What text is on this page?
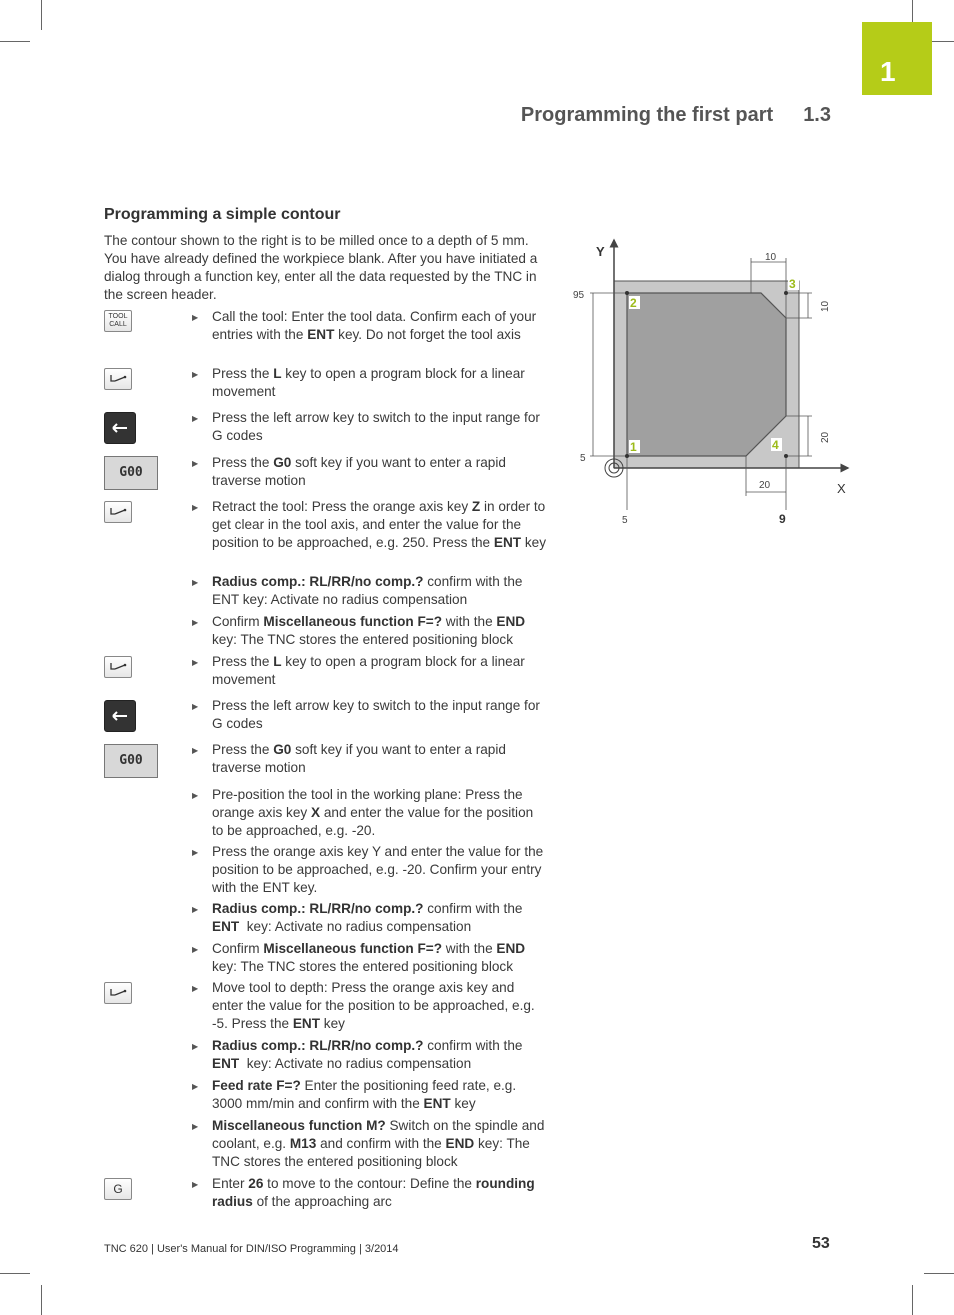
1
Programming the first part 1.3
Programming a simple contour

The contour shown to the right is to be milled once to a depth of 5 mm. You have already defined the workpiece blank. After you have initiated a dialog through a function key, enter all the data requested by the TNC in the screen header.

TOOL
CALL
G00
G00
G
▶ Call the tool: Enter the tool data. Confirm each of your entries with the ENT key. Do not forget the tool axis
▶ Press the L key to open a program block for a linear movement
▶ Press the left arrow key to switch to the input range for G codes
▶ Press the G0 soft key if you want to enter a rapid traverse motion
▶ Retract the tool: Press the orange axis key Z in order to get clear in the tool axis, and enter the value for the position to be approached, e.g. 250. Press the ENT key
▶ Radius comp.: RL/RR/no comp.? confirm with the ENT key: Activate no radius compensation
▶ Confirm Miscellaneous function F=? with the END key: The TNC stores the entered positioning block
▶ Press the L key to open a program block for a linear movement
▶ Press the left arrow key to switch to the input range for G codes
▶ Press the G0 soft key if you want to enter a rapid traverse motion
▶ Pre-position the tool in the working plane: Press the orange axis key X and enter the value for the position to be approached, e.g. -20.
▶ Press the orange axis key Y and enter the value for the position to be approached, e.g. -20. Confirm your entry with the ENT key.
▶ Radius comp.: RL/RR/no comp.? confirm with the ENT  key: Activate no radius compensation
▶ Confirm Miscellaneous function F=? with the END key: The TNC stores the entered positioning block
▶ Move tool to depth: Press the orange axis key and enter the value for the position to be approached, e.g. -5. Press the ENT key
▶ Radius comp.: RL/RR/no comp.? confirm with the ENT  key: Activate no radius compensation
▶ Feed rate F=? Enter the positioning feed rate, e.g. 3000 mm/min and confirm with the ENT key
▶ Miscellaneous function M? Switch on the spindle and coolant, e.g. M13 and confirm with the END key: The TNC stores the entered positioning block
▶ Enter 26 to move to the contour: Define the rounding radius of the approaching arc
Y
X
10
95
10
5
20
20
5	9
2
3
1	4
TNC 620 | User's Manual for DIN/ISO Programming | 3/2014	53
